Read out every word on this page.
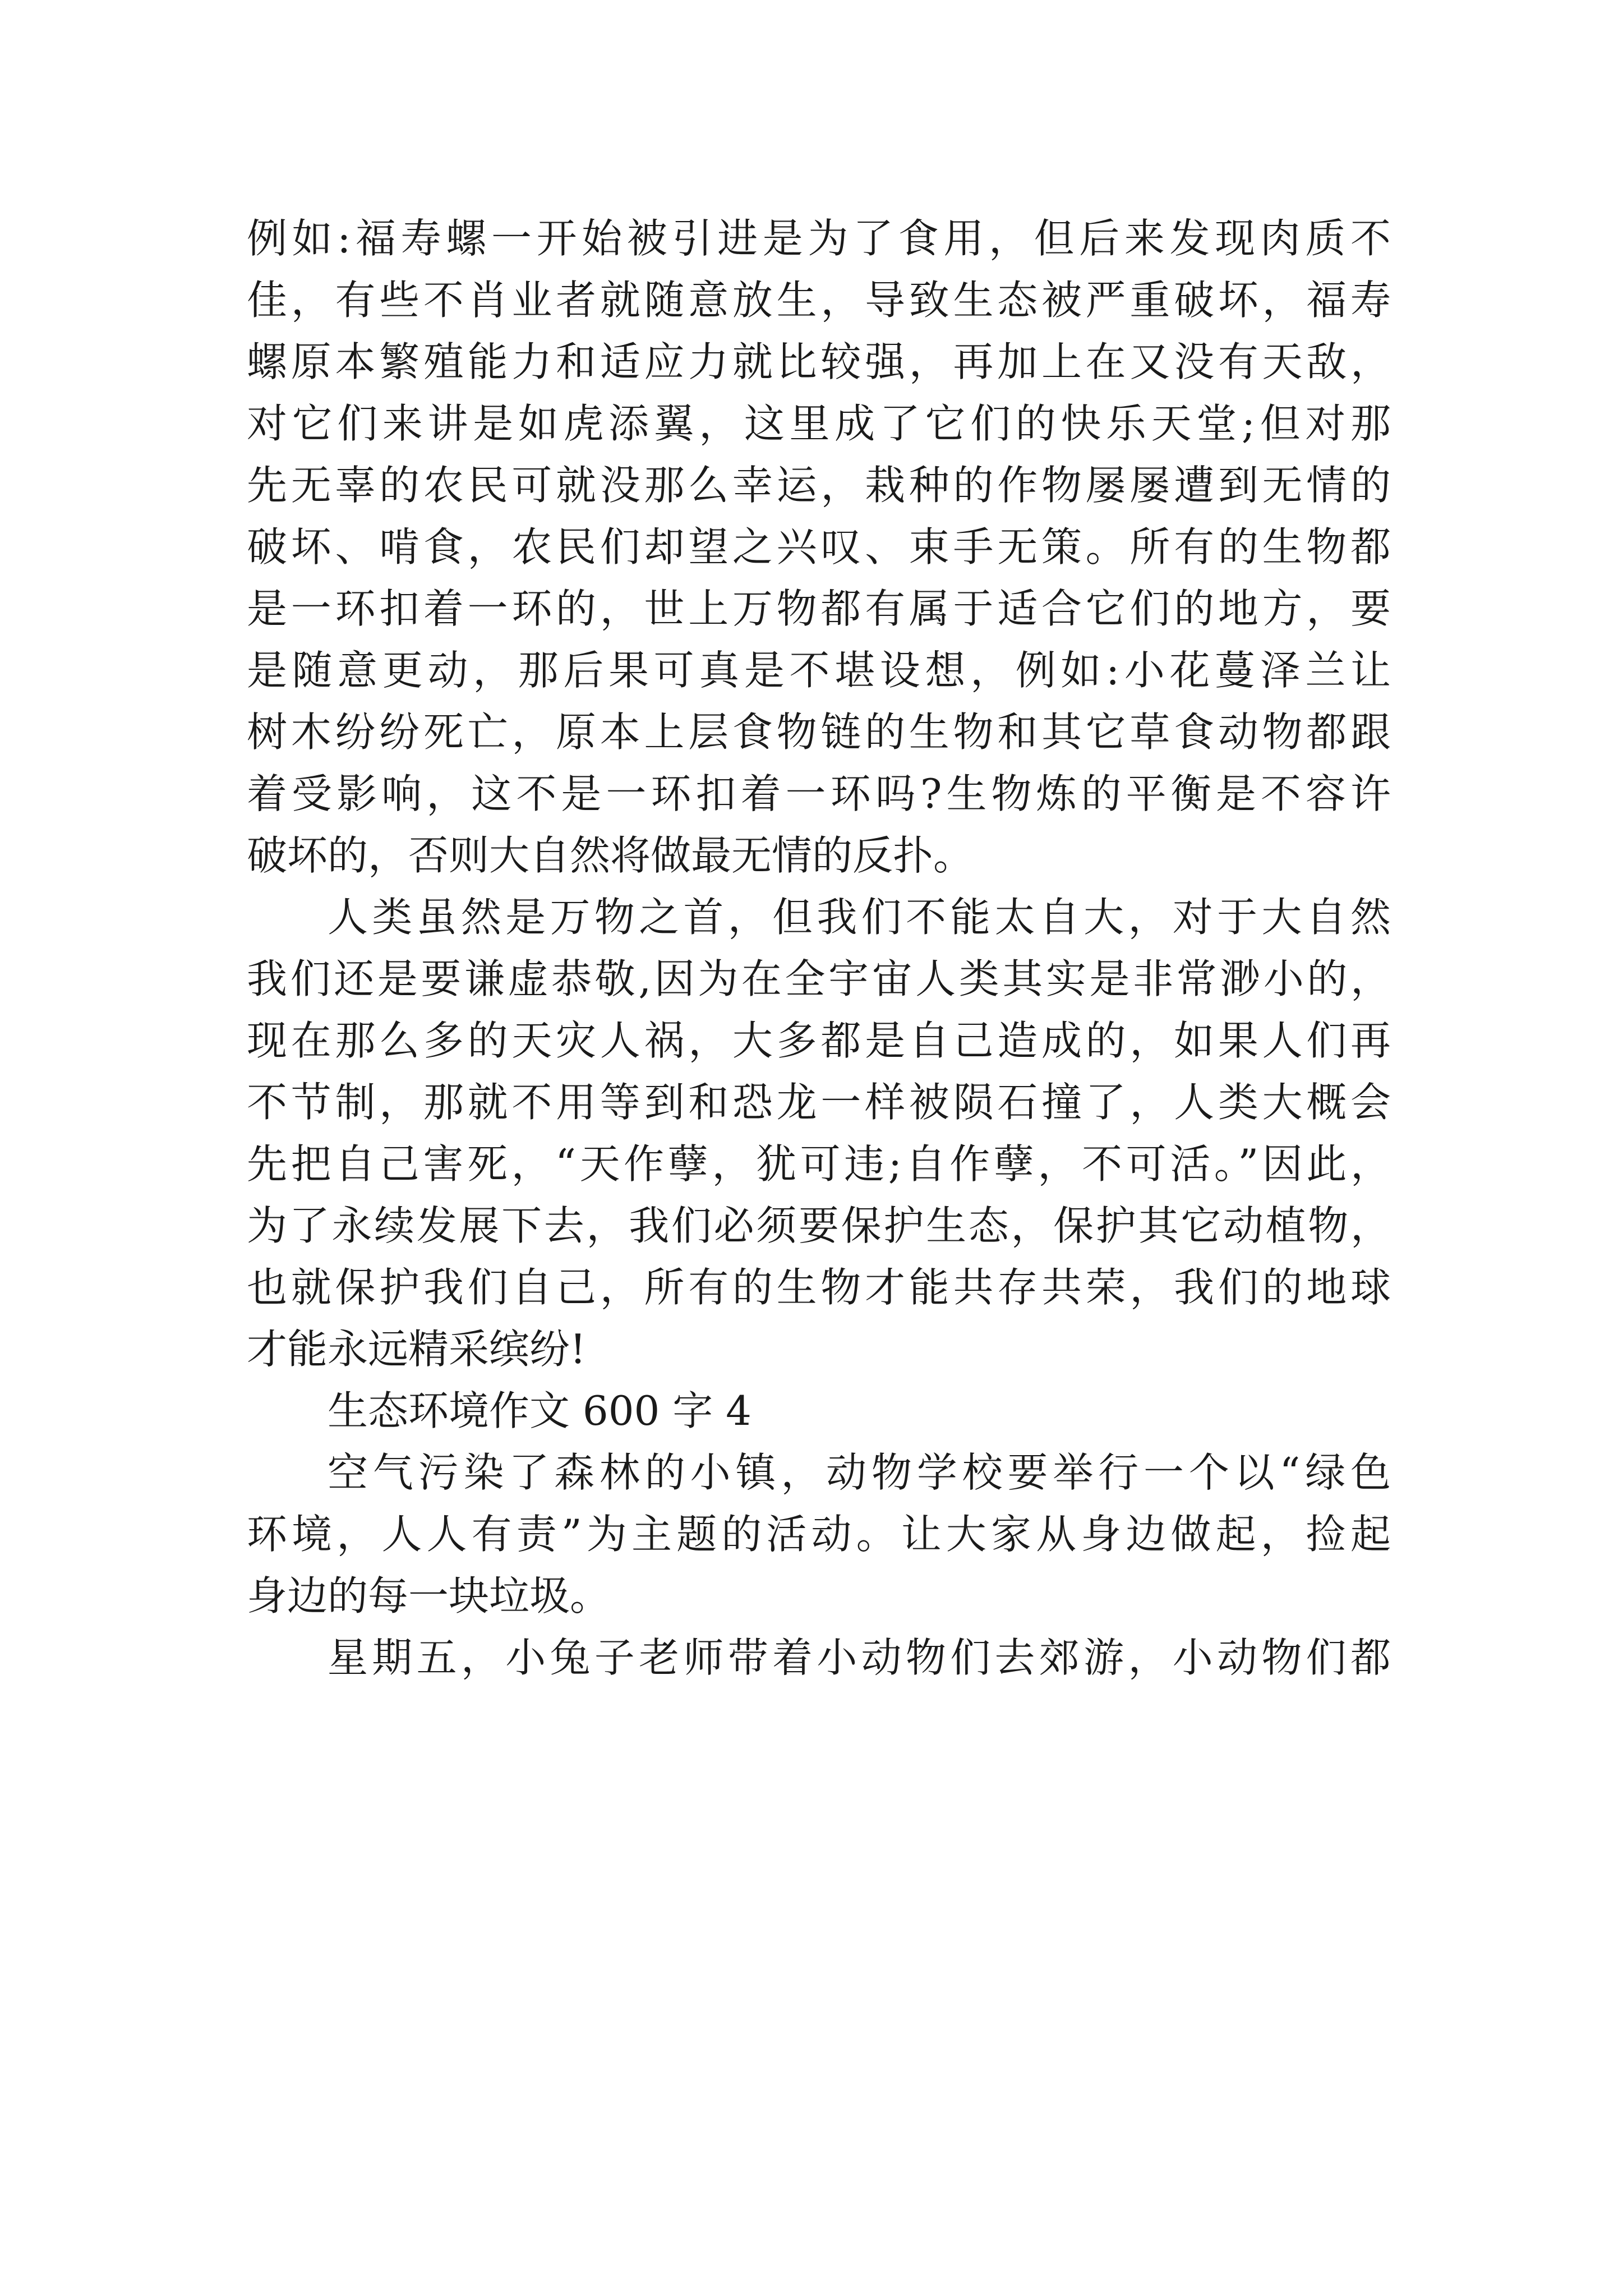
例如:福寿螺一开始被引进是为了食用，但后来发现肉质不
佳，有些不肖业者就随意放生，导致生态被严重破坏，福寿
螺原本繁殖能力和适应力就比较强，再加上在又没有天敌，
对它们来讲是如虎添翼，这里成了它们的快乐天堂;但对那
先无辜的农民可就没那么幸运，栽种的作物屡屡遭到无情的
破坏、啃食，农民们却望之兴叹、束手无策。所有的生物都
是一环扣着一环的，世上万物都有属于适合它们的地方，要
是随意更动，那后果可真是不堪设想，例如:小花蔓泽兰让
树木纷纷死亡，原本上层食物链的生物和其它草食动物都跟
着受影响，这不是一环扣着一环吗?生物炼的平衡是不容许
破坏的，否则大自然将做最无情的反扑。
人类虽然是万物之首，但我们不能太自大，对于大自然
我们还是要谦虚恭敬,因为在全宇宙人类其实是非常渺小的，
现在那么多的天灾人祸，大多都是自己造成的，如果人们再
不节制，那就不用等到和恐龙一样被陨石撞了，人类大概会
先把自己害死，“天作孽，犹可违;自作孽，不可活。”因此，
为了永续发展下去，我们必须要保护生态，保护其它动植物，
也就保护我们自己，所有的生物才能共存共荣，我们的地球
才能永远精采缤纷!
生态环境作文 600 字 4
空气污染了森林的小镇，动物学校要举行一个以“绿色
环境，人人有责”为主题的活动。让大家从身边做起，捡起
身边的每一块垃圾。
星期五，小兔子老师带着小动物们去郊游，小动物们都
